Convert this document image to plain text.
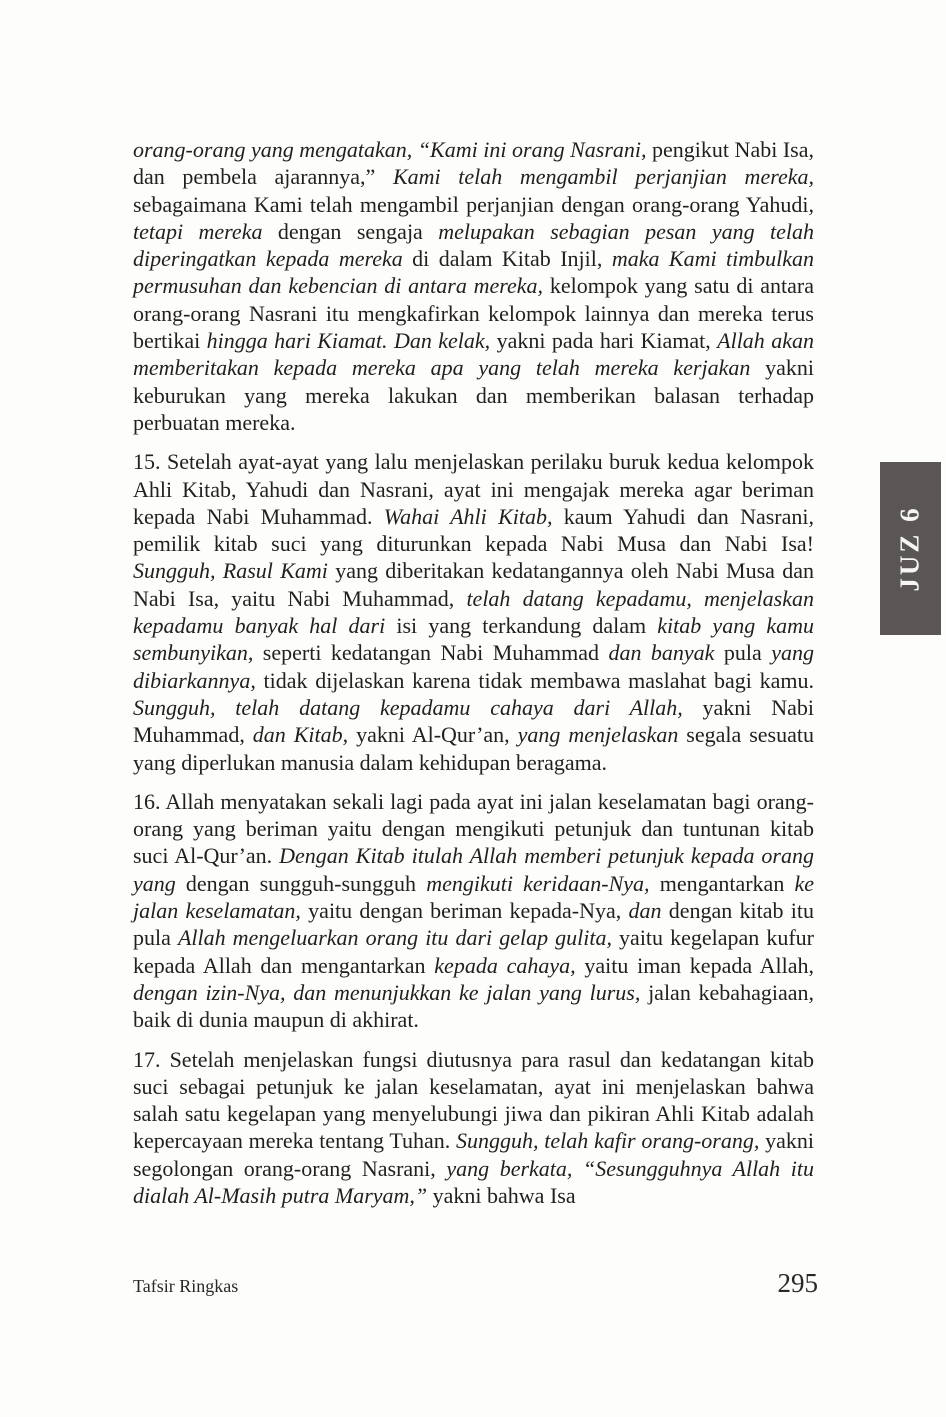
orang-orang yang mengatakan, “Kami ini orang Nasrani, pengikut Nabi Isa, dan pembela ajarannya,” Kami telah mengambil perjanjian mereka, sebagaimana Kami telah mengambil perjanjian dengan orang-orang Yahudi, tetapi mereka dengan sengaja melupakan sebagian pesan yang telah diperingatkan kepada mereka di dalam Kitab Injil, maka Kami timbulkan permusuhan dan kebencian di antara mereka, kelompok yang satu di antara orang-orang Nasrani itu mengkafirkan kelompok lainnya dan mereka terus bertikai hingga hari Kiamat. Dan kelak, yakni pada hari Kiamat, Allah akan memberitakan kepada mereka apa yang telah mereka kerjakan yakni keburukan yang mereka lakukan dan memberikan balasan terhadap perbuatan mereka.

15. Setelah ayat-ayat yang lalu menjelaskan perilaku buruk kedua kelompok Ahli Kitab, Yahudi dan Nasrani, ayat ini mengajak mereka agar beriman kepada Nabi Muhammad. Wahai Ahli Kitab, kaum Yahudi dan Nasrani, pemilik kitab suci yang diturunkan kepada Nabi Musa dan Nabi Isa! Sungguh, Rasul Kami yang diberitakan kedatangannya oleh Nabi Musa dan Nabi Isa, yaitu Nabi Muhammad, telah datang kepadamu, menjelaskan kepadamu banyak hal dari isi yang terkandung dalam kitab yang kamu sembunyikan, seperti kedatangan Nabi Muhammad dan banyak pula yang dibiarkannya, tidak dijelaskan karena tidak membawa maslahat bagi kamu. Sungguh, telah datang kepadamu cahaya dari Allah, yakni Nabi Muhammad, dan Kitab, yakni Al-Qur’an, yang menjelaskan segala sesuatu yang diperlukan manusia dalam kehidupan beragama.

16. Allah menyatakan sekali lagi pada ayat ini jalan keselamatan bagi orang-orang yang beriman yaitu dengan mengikuti petunjuk dan tuntunan kitab suci Al-Qur’an. Dengan Kitab itulah Allah memberi petunjuk kepada orang yang dengan sungguh-sungguh mengikuti keridaan-Nya, mengantarkan ke jalan keselamatan, yaitu dengan beriman kepada-Nya, dan dengan kitab itu pula Allah mengeluarkan orang itu dari gelap gulita, yaitu kegelapan kufur kepada Allah dan mengantarkan kepada cahaya, yaitu iman kepada Allah, dengan izin-Nya, dan menunjukkan ke jalan yang lurus, jalan kebahagiaan, baik di dunia maupun di akhirat.

17. Setelah menjelaskan fungsi diutusnya para rasul dan kedatangan kitab suci sebagai petunjuk ke jalan keselamatan, ayat ini menjelaskan bahwa salah satu kegelapan yang menyelubungi jiwa dan pikiran Ahli Kitab adalah kepercayaan mereka tentang Tuhan. Sungguh, telah kafir orang-orang, yakni segolongan orang-orang Nasrani, yang berkata, “Sesungguhnya Allah itu dialah Al-Masih putra Maryam,” yakni bahwa Isa

JUZ 6
Tafsir Ringkas	295
